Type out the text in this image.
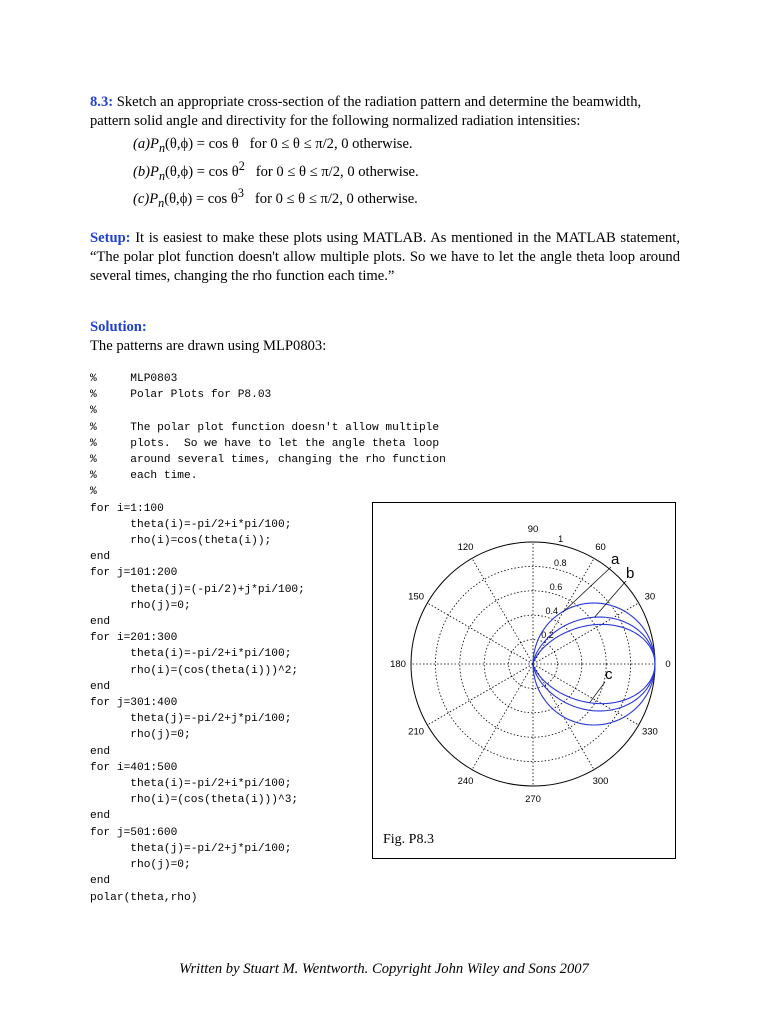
8.3: Sketch an appropriate cross-section of the radiation pattern and determine the beamwidth, pattern solid angle and directivity for the following normalized radiation intensities:
$(a)P_n(\theta,\phi) = \cos \theta$ for 0 ≤ θ ≤ π/2, 0 otherwise.
$(b)P_n(\theta,\phi) = \cos \theta^2$ for 0 ≤ θ ≤ π/2, 0 otherwise.
$(c)P_n(\theta,\phi) = \cos \theta^3$ for 0 ≤ θ ≤ π/2, 0 otherwise.
Setup: It is easiest to make these plots using MATLAB. As mentioned in the MATLAB statement, “The polar plot function doesn't allow multiple plots. So we have to let the angle theta loop around several times, changing the rho function each time.”
Solution:
The patterns are drawn using MLP0803:
%     MLP0803
%     Polar Plots for P8.03
%
%     The polar plot function doesn't allow multiple
%     plots.  So we have to let the angle theta loop
%     around several times, changing the rho function
%     each time.
%
for i=1:100
theta(i)=-pi/2+i*pi/100;
rho(i)=cos(theta(i));
end
for j=101:200
theta(j)=(-pi/2)+j*pi/100;
rho(j)=0;
end
for i=201:300
theta(i)=-pi/2+i*pi/100;
rho(i)=(cos(theta(i)))^2;
end
for j=301:400
theta(j)=-pi/2+j*pi/100;
rho(j)=0;
end
for i=401:500
theta(i)=-pi/2+i*pi/100;
rho(i)=(cos(theta(i)))^3;
end
for j=501:600
theta(j)=-pi/2+j*pi/100;
rho(j)=0;
end
polar(theta,rho)

0
30
60
90
120
150
180
210
240
270
300
330
0.2
0.4
0.6
0.8
1
a
b
c
Fig. P8.3
Written by Stuart M. Wentworth. Copyright John Wiley and Sons 2007
